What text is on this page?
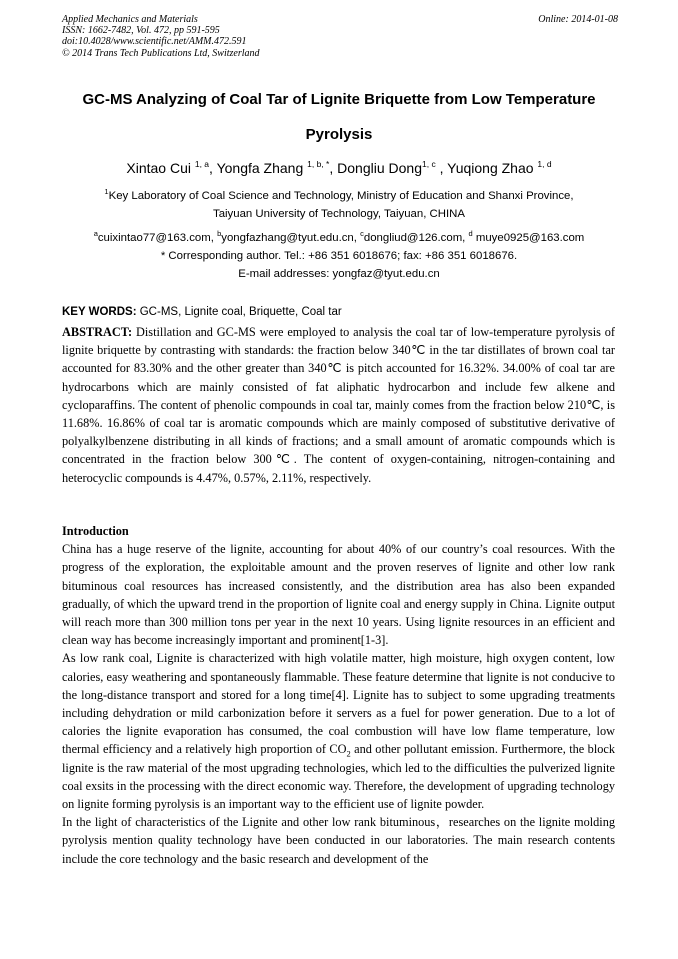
Applied Mechanics and Materials
ISSN: 1662-7482, Vol. 472, pp 591-595
doi:10.4028/www.scientific.net/AMM.472.591
© 2014 Trans Tech Publications Ltd, Switzerland
Online: 2014-01-08
GC-MS Analyzing of Coal Tar of Lignite Briquette from Low Temperature
Pyrolysis
Xintao Cui $^{1, a}$, Yongfa Zhang $^{1, b, *}$, Dongliu Dong$^{1, c}$ , Yuqiong Zhao $^{1, d}$
$^1$Key Laboratory of Coal Science and Technology, Ministry of Education and Shanxi Province,
Taiyuan University of Technology, Taiyuan, CHINA
$^a$cuixintao77@163.com, $^b$yongfazhang@tyut.edu.cn, $^c$dongliud@126.com, $^d$ muye0925@163.com
* Corresponding author. Tel.: +86 351 6018676; fax: +86 351 6018676.
E-mail addresses: yongfaz@tyut.edu.cn
KEY WORDS: GC-MS, Lignite coal, Briquette, Coal tar

ABSTRACT: Distillation and GC-MS were employed to analysis the coal tar of low-temperature pyrolysis of lignite briquette by contrasting with standards: the fraction below 340℃ in the tar distillates of brown coal tar accounted for 83.30% and the other greater than 340℃ is pitch accounted for 16.32%. 34.00% of coal tar are hydrocarbons which are mainly consisted of fat aliphatic hydrocarbon and include few alkene and cycloparaffins. The content of phenolic compounds in coal tar, mainly comes from the fraction below 210℃, is 11.68%. 16.86% of coal tar is aromatic compounds which are mainly composed of substitutive derivative of polyalkylbenzene distributing in all kinds of fractions; and a small amount of aromatic compounds which is concentrated in the fraction below 300℃. The content of oxygen-containing, nitrogen-containing and heterocyclic compounds is 4.47%, 0.57%, 2.11%, respectively.

Introduction
China has a huge reserve of the lignite, accounting for about 40% of our country’s coal resources. With the progress of the exploration, the exploitable amount and the proven reserves of lignite and other low rank bituminous coal resources has increased consistently, and the distribution area has also been expanded gradually, of which the upward trend in the proportion of lignite coal and energy supply in China. Lignite output will reach more than 300 million tons per year in the next 10 years. Using lignite resources in an efficient and clean way has become increasingly important and prominent[1-3].
As low rank coal, Lignite is characterized with high volatile matter, high moisture, high oxygen content, low calories, easy weathering and spontaneously flammable. These feature determine that lignite is not conducive to the long-distance transport and stored for a long time[4]. Lignite has to subject to some upgrading treatments including dehydration or mild carbonization before it servers as a fuel for power generation. Due to a lot of calories the lignite evaporation has consumed, the coal combustion will have low flame temperature, low thermal efficiency and a relatively high proportion of $CO_2$ and other pollutant emission. Furthermore, the block lignite is the raw material of the most upgrading technologies, which led to the difficulties the pulverized lignite coal exsits in the processing with the direct economic way. Therefore, the development of upgrading technology on lignite forming pyrolysis is an important way to the efficient use of lignite powder.
In the light of characteristics of the Lignite and other low rank bituminous，researches on the lignite molding pyrolysis mention quality technology have been conducted in our laboratories. The main research contents include the core technology and the basic research and development of the
